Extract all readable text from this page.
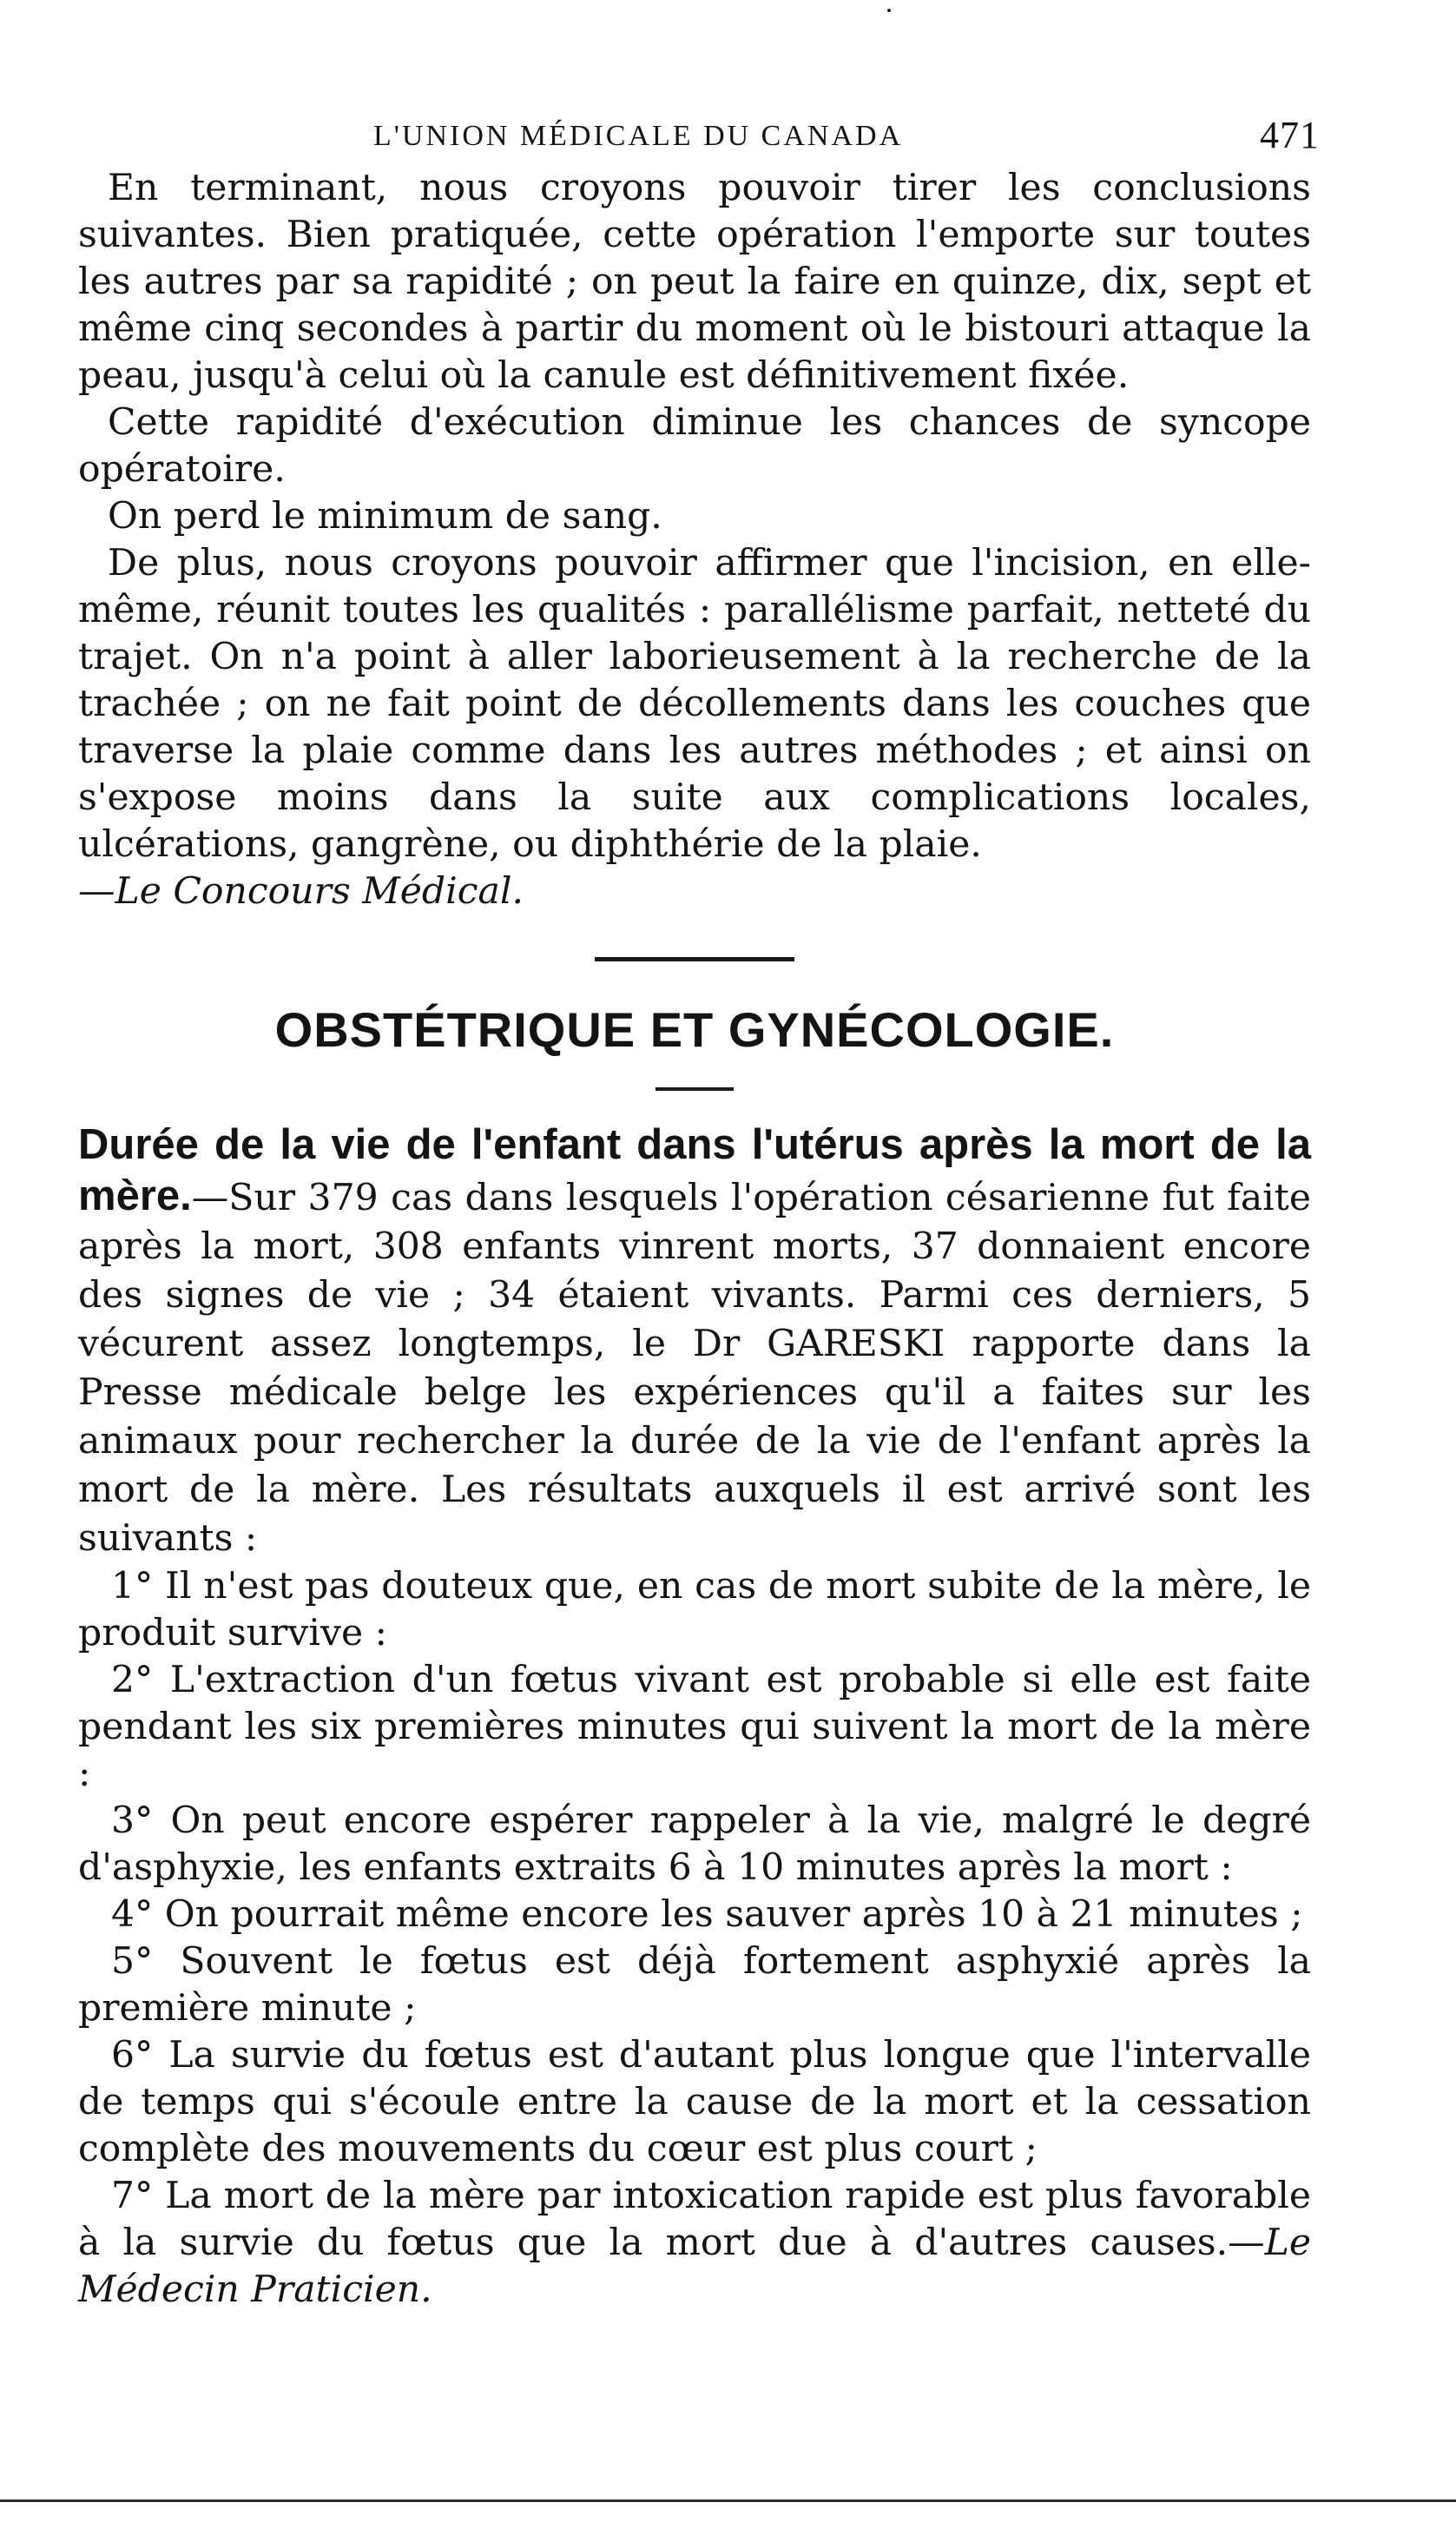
L'UNION MÉDICALE DU CANADA	471

En terminant, nous croyons pouvoir tirer les conclusions suivantes. Bien pratiquée, cette opération l'emporte sur toutes les autres par sa rapidité ; on peut la faire en quinze, dix, sept et même cinq secondes à partir du moment où le bistouri attaque la peau, jusqu'à celui où la canule est définitivement fixée.

Cette rapidité d'exécution diminue les chances de syncope opératoire.

On perd le minimum de sang.

De plus, nous croyons pouvoir affirmer que l'incision, en elle-même, réunit toutes les qualités : parallélisme parfait, netteté du trajet. On n'a point à aller laborieusement à la recherche de la trachée ; on ne fait point de décollements dans les couches que traverse la plaie comme dans les autres méthodes ; et ainsi on s'expose moins dans la suite aux complications locales, ulcérations, gangrène, ou diphthérie de la plaie.
—Le Concours Médical.

OBSTÉTRIQUE ET GYNÉCOLOGIE.

Durée de la vie de l'enfant dans l'utérus après la mort de la mère.—Sur 379 cas dans lesquels l'opération césarienne fut faite après la mort, 308 enfants vinrent morts, 37 donnaient encore des signes de vie ; 34 étaient vivants. Parmi ces derniers, 5 vécurent assez longtemps, le Dr GARESKI rapporte dans la Presse médicale belge les expériences qu'il a faites sur les animaux pour rechercher la durée de la vie de l'enfant après la mort de la mère. Les résultats auxquels il est arrivé sont les suivants :

1° Il n'est pas douteux que, en cas de mort subite de la mère, le produit survive :

2° L'extraction d'un fœtus vivant est probable si elle est faite pendant les six premières minutes qui suivent la mort de la mère :

3° On peut encore espérer rappeler à la vie, malgré le degré d'asphyxie, les enfants extraits 6 à 10 minutes après la mort :

4° On pourrait même encore les sauver après 10 à 21 minutes ;

5° Souvent le fœtus est déjà fortement asphyxié après la première minute ;

6° La survie du fœtus est d'autant plus longue que l'intervalle de temps qui s'écoule entre la cause de la mort et la cessation complète des mouvements du cœur est plus court ;

7° La mort de la mère par intoxication rapide est plus favorable à la survie du fœtus que la mort due à d'autres causes.—Le Médecin Praticien.
